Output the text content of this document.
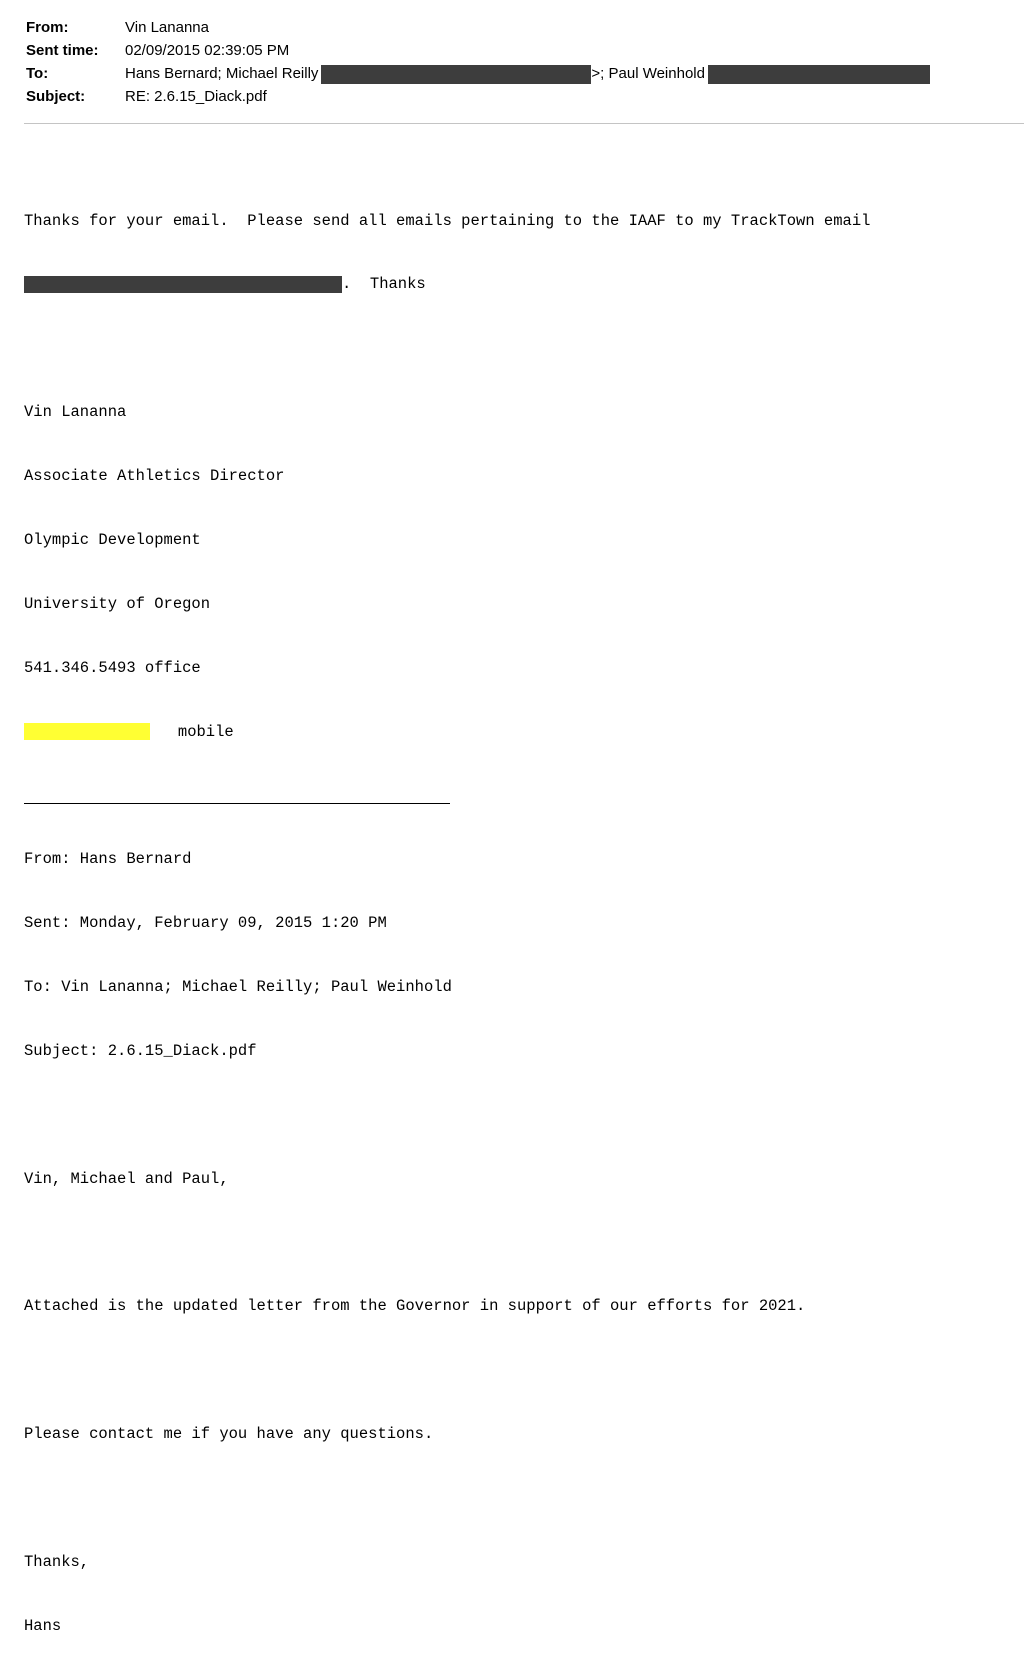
From:	Vin Lananna
Sent time: 02/09/2015 02:39:05 PM
To:	Hans Bernard; Michael Reilly	>; Paul Weinhold
Subject:	RE: 2.6.15_Diack.pdf

Thanks for your email.  Please send all emails pertaining to the IAAF to my TrackTown email

.  Thanks

Vin Lananna

Associate Athletics Director

Olympic Development

University of Oregon

541.346.5493 office

mobile

From: Hans Bernard

Sent: Monday, February 09, 2015 1:20 PM

To: Vin Lananna; Michael Reilly; Paul Weinhold

Subject: 2.6.15_Diack.pdf

Vin, Michael and Paul,

Attached is the updated letter from the Governor in support of our efforts for 2021.

Please contact me if you have any questions.

Thanks,

Hans
